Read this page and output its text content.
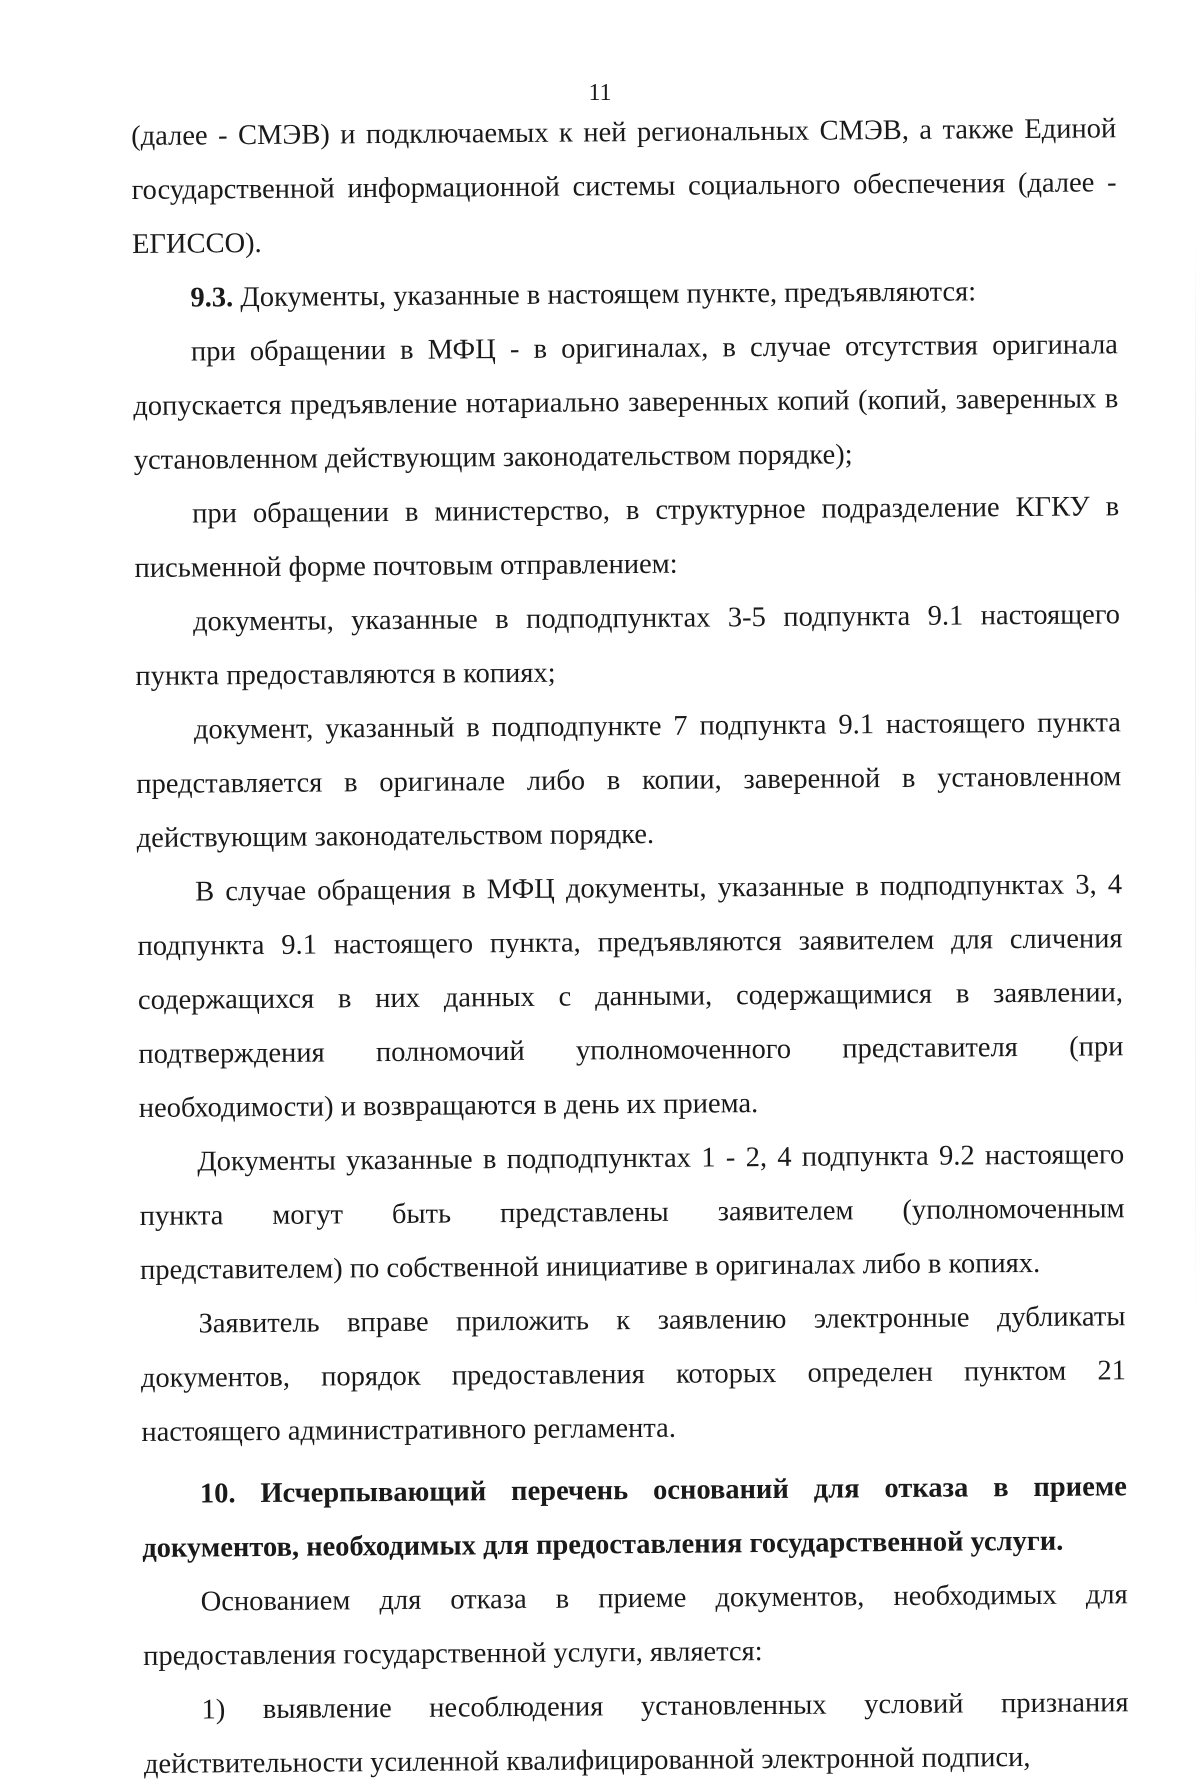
11

(далее - СМЭВ) и подключаемых к ней региональных СМЭВ, а также Единой государственной информационной системы социального обеспечения (далее - ЕГИССО).

9.3. Документы, указанные в настоящем пункте, предъявляются:

при обращении в МФЦ - в оригиналах, в случае отсутствия оригинала допускается предъявление нотариально заверенных копий (копий, заверенных в установленном действующим законодательством порядке);

при обращении в министерство, в структурное подразделение КГКУ в письменной форме почтовым отправлением:

документы, указанные в подподпунктах 3-5 подпункта 9.1 настоящего пункта предоставляются в копиях;

документ, указанный в подподпункте 7 подпункта 9.1 настоящего пункта представляется в оригинале либо в копии, заверенной в установленном действующим законодательством порядке.

В случае обращения в МФЦ документы, указанные в подподпунктах 3, 4 подпункта 9.1 настоящего пункта, предъявляются заявителем для сличения содержащихся в них данных с данными, содержащимися в заявлении, подтверждения полномочий уполномоченного представителя (при необходимости) и возвращаются в день их приема.

Документы указанные в подподпунктах 1 - 2, 4 подпункта 9.2 настоящего пункта могут быть представлены заявителем (уполномоченным представителем) по собственной инициативе в оригиналах либо в копиях.

Заявитель вправе приложить к заявлению электронные дубликаты документов, порядок предоставления которых определен пунктом 21 настоящего административного регламента.

10. Исчерпывающий перечень оснований для отказа в приеме документов, необходимых для предоставления государственной услуги.

Основанием для отказа в приеме документов, необходимых для предоставления государственной услуги, является:

1) выявление несоблюдения установленных условий признания действительности усиленной квалифицированной электронной подписи,
